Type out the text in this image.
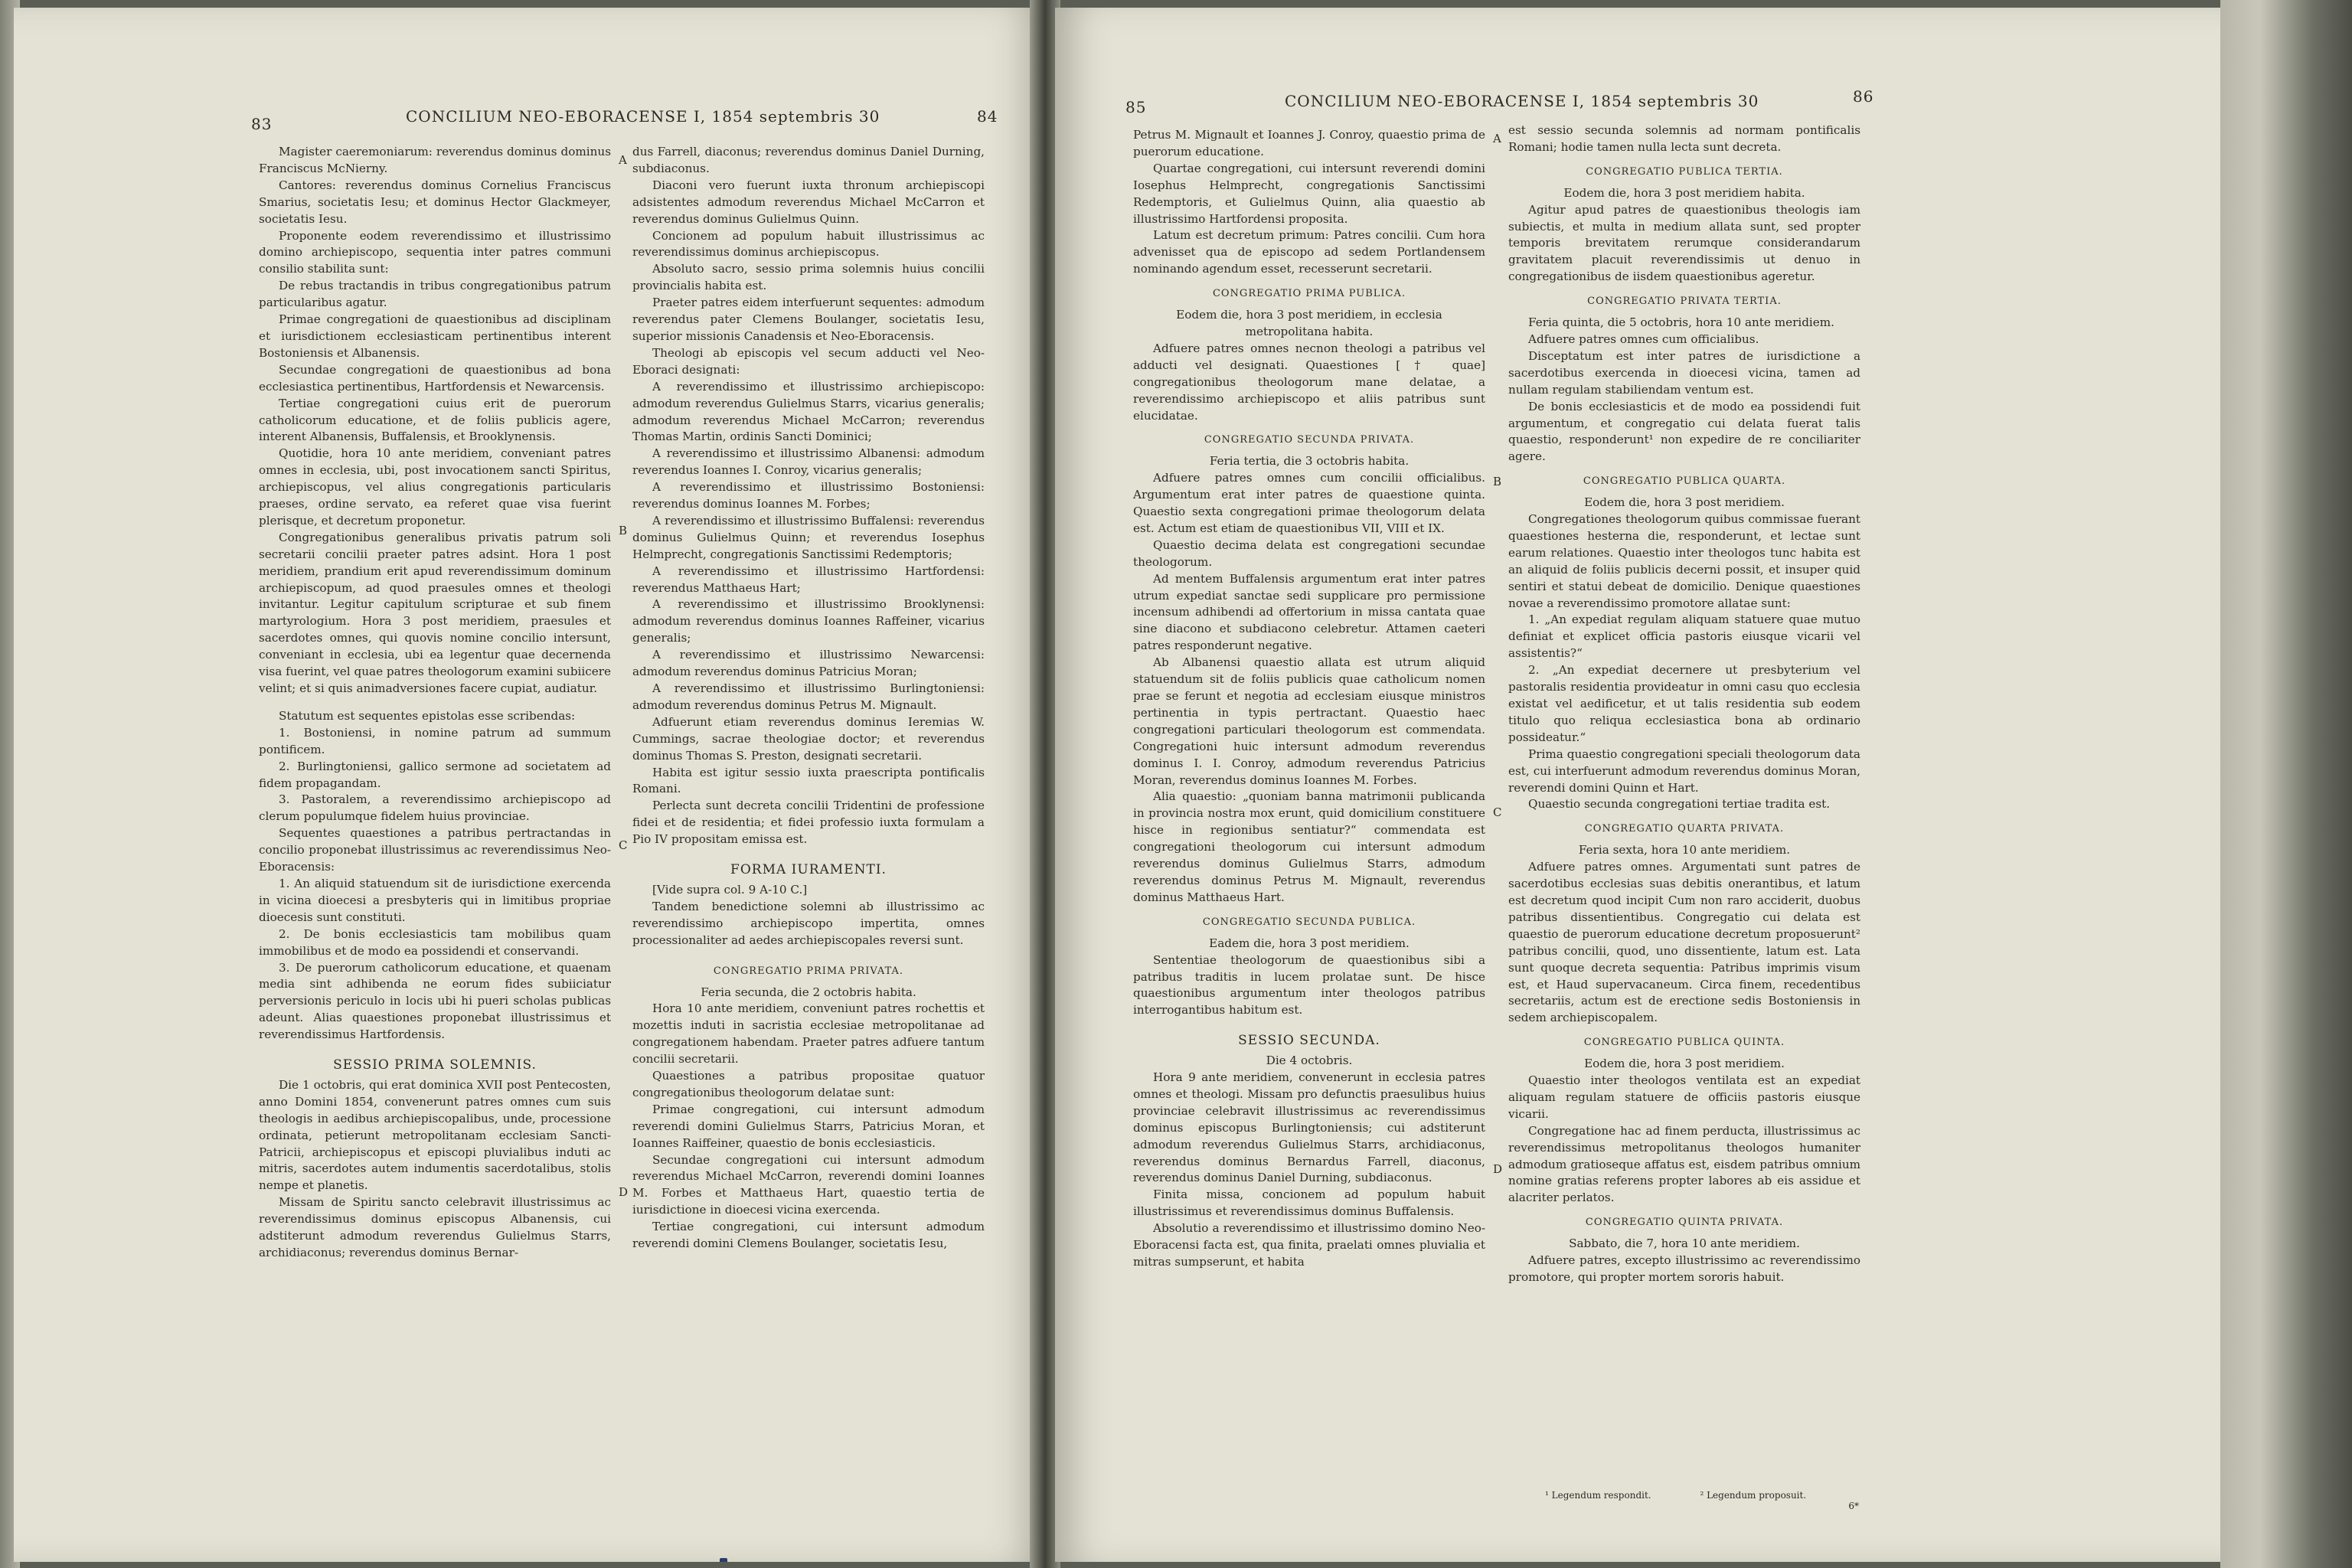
83	CONCILIUM NEO-EBORACENSE I, 1854 septembris 30	84

Magister caeremoniarum: reverendus dominus dominus Franciscus McNierny.

Cantores: reverendus dominus Cornelius Franciscus Smarius, societatis Iesu; et dominus Hector Glackmeyer, societatis Iesu.

Proponente eodem reverendissimo et illustrissimo domino archiepiscopo, sequentia inter patres communi consilio stabilita sunt:

De rebus tractandis in tribus congregationibus patrum particularibus agatur.

Primae congregationi de quaestionibus ad disciplinam et iurisdictionem ecclesiasticam pertinentibus interent Bostoniensis et Albanensis.

Secundae congregationi de quaestionibus ad bona ecclesiastica pertinentibus, Hartfordensis et Newarcensis.

Tertiae congregationi cuius erit de puerorum catholicorum educatione, et de foliis publicis agere, interent Albanensis, Buffalensis, et Brooklynensis.

Quotidie, hora 10 ante meridiem, conveniant patres omnes in ecclesia, ubi, post invocationem sancti Spiritus, archiepiscopus, vel alius congregationis particularis praeses, ordine servato, ea referet quae visa fuerint plerisque, et decretum proponetur.

Congregationibus generalibus privatis patrum soli secretarii concilii praeter patres adsint. Hora 1 post meridiem, prandium erit apud reverendissimum dominum archiepiscopum, ad quod praesules omnes et theologi invitantur. Legitur capitulum scripturae et sub finem martyrologium. Hora 3 post meridiem, praesules et sacerdotes omnes, qui quovis nomine concilio intersunt, conveniant in ecclesia, ubi ea legentur quae decernenda visa fuerint, vel quae patres theologorum examini subiicere velint; et si quis animadversiones facere cupiat, audiatur.

Statutum est sequentes epistolas esse scribendas:

1. Bostoniensi, in nomine patrum ad summum pontificem.

2. Burlingtoniensi, gallico sermone ad societatem ad fidem propagandam.

3. Pastoralem, a reverendissimo archiepiscopo ad clerum populumque fidelem huius provinciae.

Sequentes quaestiones a patribus pertractandas in concilio proponebat illustrissimus ac reverendissimus Neo-Eboracensis:

1. An aliquid statuendum sit de iurisdictione exercenda in vicina dioecesi a presbyteris qui in limitibus propriae dioecesis sunt constituti.

2. De bonis ecclesiasticis tam mobilibus quam immobilibus et de modo ea possidendi et conservandi.

3. De puerorum catholicorum educatione, et quaenam media sint adhibenda ne eorum fides subiiciatur perversionis periculo in locis ubi hi pueri scholas publicas adeunt. Alias quaestiones proponebat illustrissimus et reverendissimus Hartfordensis.

SESSIO PRIMA SOLEMNIS.

Die 1 octobris, qui erat dominica XVII post Pentecosten, anno Domini 1854, convenerunt patres omnes cum suis theologis in aedibus archiepiscopalibus, unde, processione ordinata, petierunt metropolitanam ecclesiam Sancti-Patricii, archiepiscopus et episcopi pluvialibus induti ac mitris, sacerdotes autem indumentis sacerdotalibus, stolis nempe et planetis.

Missam de Spiritu sancto celebravit illustrissimus ac reverendissimus dominus episcopus Albanensis, cui adstiterunt admodum reverendus Gulielmus Starrs, archidiaconus; reverendus dominus Bernar-

A
B
C
D

dus Farrell, diaconus; reverendus dominus Daniel Durning, subdiaconus.

Diaconi vero fuerunt iuxta thronum archiepiscopi adsistentes admodum reverendus Michael McCarron et reverendus dominus Gulielmus Quinn.

Concionem ad populum habuit illustrissimus ac reverendissimus dominus archiepiscopus.

Absoluto sacro, sessio prima solemnis huius concilii provincialis habita est.

Praeter patres eidem interfuerunt sequentes: admodum reverendus pater Clemens Boulanger, societatis Iesu, superior missionis Canadensis et Neo-Eboracensis.

Theologi ab episcopis vel secum adducti vel Neo-Eboraci designati:

A reverendissimo et illustrissimo archiepiscopo: admodum reverendus Gulielmus Starrs, vicarius generalis; admodum reverendus Michael McCarron; reverendus Thomas Martin, ordinis Sancti Dominici;

A reverendissimo et illustrissimo Albanensi: admodum reverendus Ioannes I. Conroy, vicarius generalis;

A reverendissimo et illustrissimo Bostoniensi: reverendus dominus Ioannes M. Forbes;

A reverendissimo et illustrissimo Buffalensi: reverendus dominus Gulielmus Quinn; et reverendus Iosephus Helmprecht, congregationis Sanctissimi Redemptoris;

A reverendissimo et illustrissimo Hartfordensi: reverendus Matthaeus Hart;

A reverendissimo et illustrissimo Brooklynensi: admodum reverendus dominus Ioannes Raffeiner, vicarius generalis;

A reverendissimo et illustrissimo Newarcensi: admodum reverendus dominus Patricius Moran;

A reverendissimo et illustrissimo Burlingtoniensi: admodum reverendus dominus Petrus M. Mignault.

Adfuerunt etiam reverendus dominus Ieremias W. Cummings, sacrae theologiae doctor; et reverendus dominus Thomas S. Preston, designati secretarii.

Habita est igitur sessio iuxta praescripta pontificalis Romani.

Perlecta sunt decreta concilii Tridentini de professione fidei et de residentia; et fidei professio iuxta formulam a Pio IV propositam emissa est.

FORMA IURAMENTI.

[Vide supra col. 9 A-10 C.]

Tandem benedictione solemni ab illustrissimo ac reverendissimo archiepiscopo impertita, omnes processionaliter ad aedes archiepiscopales reversi sunt.

CONGREGATIO PRIMA PRIVATA.

Feria secunda, die 2 octobris habita.

Hora 10 ante meridiem, conveniunt patres rochettis et mozettis induti in sacristia ecclesiae metropolitanae ad congregationem habendam. Praeter patres adfuere tantum concilii secretarii.

Quaestiones a patribus propositae quatuor congregationibus theologorum delatae sunt:

Primae congregationi, cui intersunt admodum reverendi domini Gulielmus Starrs, Patricius Moran, et Ioannes Raiffeiner, quaestio de bonis ecclesiasticis.

Secundae congregationi cui intersunt admodum reverendus Michael McCarron, reverendi domini Ioannes M. Forbes et Matthaeus Hart, quaestio tertia de iurisdictione in dioecesi vicina exercenda.

Tertiae congregationi, cui intersunt admodum reverendi domini Clemens Boulanger, societatis Iesu,

85	CONCILIUM NEO-EBORACENSE I, 1854 septembris 30	86

Petrus M. Mignault et Ioannes J. Conroy, quaestio prima de puerorum educatione.

Quartae congregationi, cui intersunt reverendi domini Iosephus Helmprecht, congregationis Sanctissimi Redemptoris, et Gulielmus Quinn, alia quaestio ab illustrissimo Hartfordensi proposita.

Latum est decretum primum: Patres concilii. Cum hora advenisset qua de episcopo ad sedem Portlandensem nominando agendum esset, recesserunt secretarii.

CONGREGATIO PRIMA PUBLICA.

Eodem die, hora 3 post meridiem, in ecclesia metropolitana habita.

Adfuere patres omnes necnon theologi a patribus vel adducti vel designati. Quaestiones [† quae] congregationibus theologorum mane delatae, a reverendissimo archiepiscopo et aliis patribus sunt elucidatae.

CONGREGATIO SECUNDA PRIVATA.

Feria tertia, die 3 octobris habita.

Adfuere patres omnes cum concilii officialibus. Argumentum erat inter patres de quaestione quinta. Quaestio sexta congregationi primae theologorum delata est. Actum est etiam de quaestionibus VII, VIII et IX.

Quaestio decima delata est congregationi secundae theologorum.

Ad mentem Buffalensis argumentum erat inter patres utrum expediat sanctae sedi supplicare pro permissione incensum adhibendi ad offertorium in missa cantata quae sine diacono et subdiacono celebretur. Attamen caeteri patres responderunt negative.

Ab Albanensi quaestio allata est utrum aliquid statuendum sit de foliis publicis quae catholicum nomen prae se ferunt et negotia ad ecclesiam eiusque ministros pertinentia in typis pertractant. Quaestio haec congregationi particulari theologorum est commendata. Congregationi huic intersunt admodum reverendus dominus I. I. Conroy, admodum reverendus Patricius Moran, reverendus dominus Ioannes M. Forbes.

Alia quaestio: „quoniam banna matrimonii publicanda in provincia nostra mox erunt, quid domicilium constituere hisce in regionibus sentiatur?“ commendata est congregationi theologorum cui intersunt admodum reverendus dominus Gulielmus Starrs, admodum reverendus dominus Petrus M. Mignault, reverendus dominus Matthaeus Hart.

CONGREGATIO SECUNDA PUBLICA.

Eadem die, hora 3 post meridiem.

Sententiae theologorum de quaestionibus sibi a patribus traditis in lucem prolatae sunt. De hisce quaestionibus argumentum inter theologos patribus interrogantibus habitum est.

SESSIO SECUNDA.

Die 4 octobris.

Hora 9 ante meridiem, convenerunt in ecclesia patres omnes et theologi. Missam pro defunctis praesulibus huius provinciae celebravit illustrissimus ac reverendissimus dominus episcopus Burlingtoniensis; cui adstiterunt admodum reverendus Gulielmus Starrs, archidiaconus, reverendus dominus Bernardus Farrell, diaconus, reverendus dominus Daniel Durning, subdiaconus.

Finita missa, concionem ad populum habuit illustrissimus et reverendissimus dominus Buffalensis.

Absolutio a reverendissimo et illustrissimo domino Neo-Eboracensi facta est, qua finita, praelati omnes pluvialia et mitras sumpserunt, et habita

A
B
C
D

est sessio secunda solemnis ad normam pontificalis Romani; hodie tamen nulla lecta sunt decreta.

CONGREGATIO PUBLICA TERTIA.

Eodem die, hora 3 post meridiem habita.

Agitur apud patres de quaestionibus theologis iam subiectis, et multa in medium allata sunt, sed propter temporis brevitatem rerumque considerandarum gravitatem placuit reverendissimis ut denuo in congregationibus de iisdem quaestionibus ageretur.

CONGREGATIO PRIVATA TERTIA.

Feria quinta, die 5 octobris, hora 10 ante meridiem.

Adfuere patres omnes cum officialibus.

Disceptatum est inter patres de iurisdictione a sacerdotibus exercenda in dioecesi vicina, tamen ad nullam regulam stabiliendam ventum est.

De bonis ecclesiasticis et de modo ea possidendi fuit argumentum, et congregatio cui delata fuerat talis quaestio, responderunt¹ non expedire de re conciliariter agere.

CONGREGATIO PUBLICA QUARTA.

Eodem die, hora 3 post meridiem.

Congregationes theologorum quibus commissae fuerant quaestiones hesterna die, responderunt, et lectae sunt earum relationes. Quaestio inter theologos tunc habita est an aliquid de foliis publicis decerni possit, et insuper quid sentiri et statui debeat de domicilio. Denique quaestiones novae a reverendissimo promotore allatae sunt:

1. „An expediat regulam aliquam statuere quae mutuo definiat et explicet officia pastoris eiusque vicarii vel assistentis?“

2. „An expediat decernere ut presbyterium vel pastoralis residentia provideatur in omni casu quo ecclesia existat vel aedificetur, et ut talis residentia sub eodem titulo quo reliqua ecclesiastica bona ab ordinario possideatur.“

Prima quaestio congregationi speciali theologorum data est, cui interfuerunt admodum reverendus dominus Moran, reverendi domini Quinn et Hart.

Quaestio secunda congregationi tertiae tradita est.

CONGREGATIO QUARTA PRIVATA.

Feria sexta, hora 10 ante meridiem.

Adfuere patres omnes. Argumentati sunt patres de sacerdotibus ecclesias suas debitis onerantibus, et latum est decretum quod incipit Cum non raro acciderit, duobus patribus dissentientibus. Congregatio cui delata est quaestio de puerorum educatione decretum proposuerunt² patribus concilii, quod, uno dissentiente, latum est. Lata sunt quoque decreta sequentia: Patribus imprimis visum est, et Haud supervacaneum. Circa finem, recedentibus secretariis, actum est de erectione sedis Bostoniensis in sedem archiepiscopalem.

CONGREGATIO PUBLICA QUINTA.

Eodem die, hora 3 post meridiem.

Quaestio inter theologos ventilata est an expediat aliquam regulam statuere de officiis pastoris eiusque vicarii.

Congregatione hac ad finem perducta, illustrissimus ac reverendissimus metropolitanus theologos humaniter admodum gratioseque affatus est, eisdem patribus omnium nomine gratias referens propter labores ab eis assidue et alacriter perlatos.

CONGREGATIO QUINTA PRIVATA.

Sabbato, die 7, hora 10 ante meridiem.

Adfuere patres, excepto illustrissimo ac reverendissimo promotore, qui propter mortem sororis habuit.

¹ Legendum respondit.	² Legendum proposuit.
6*
